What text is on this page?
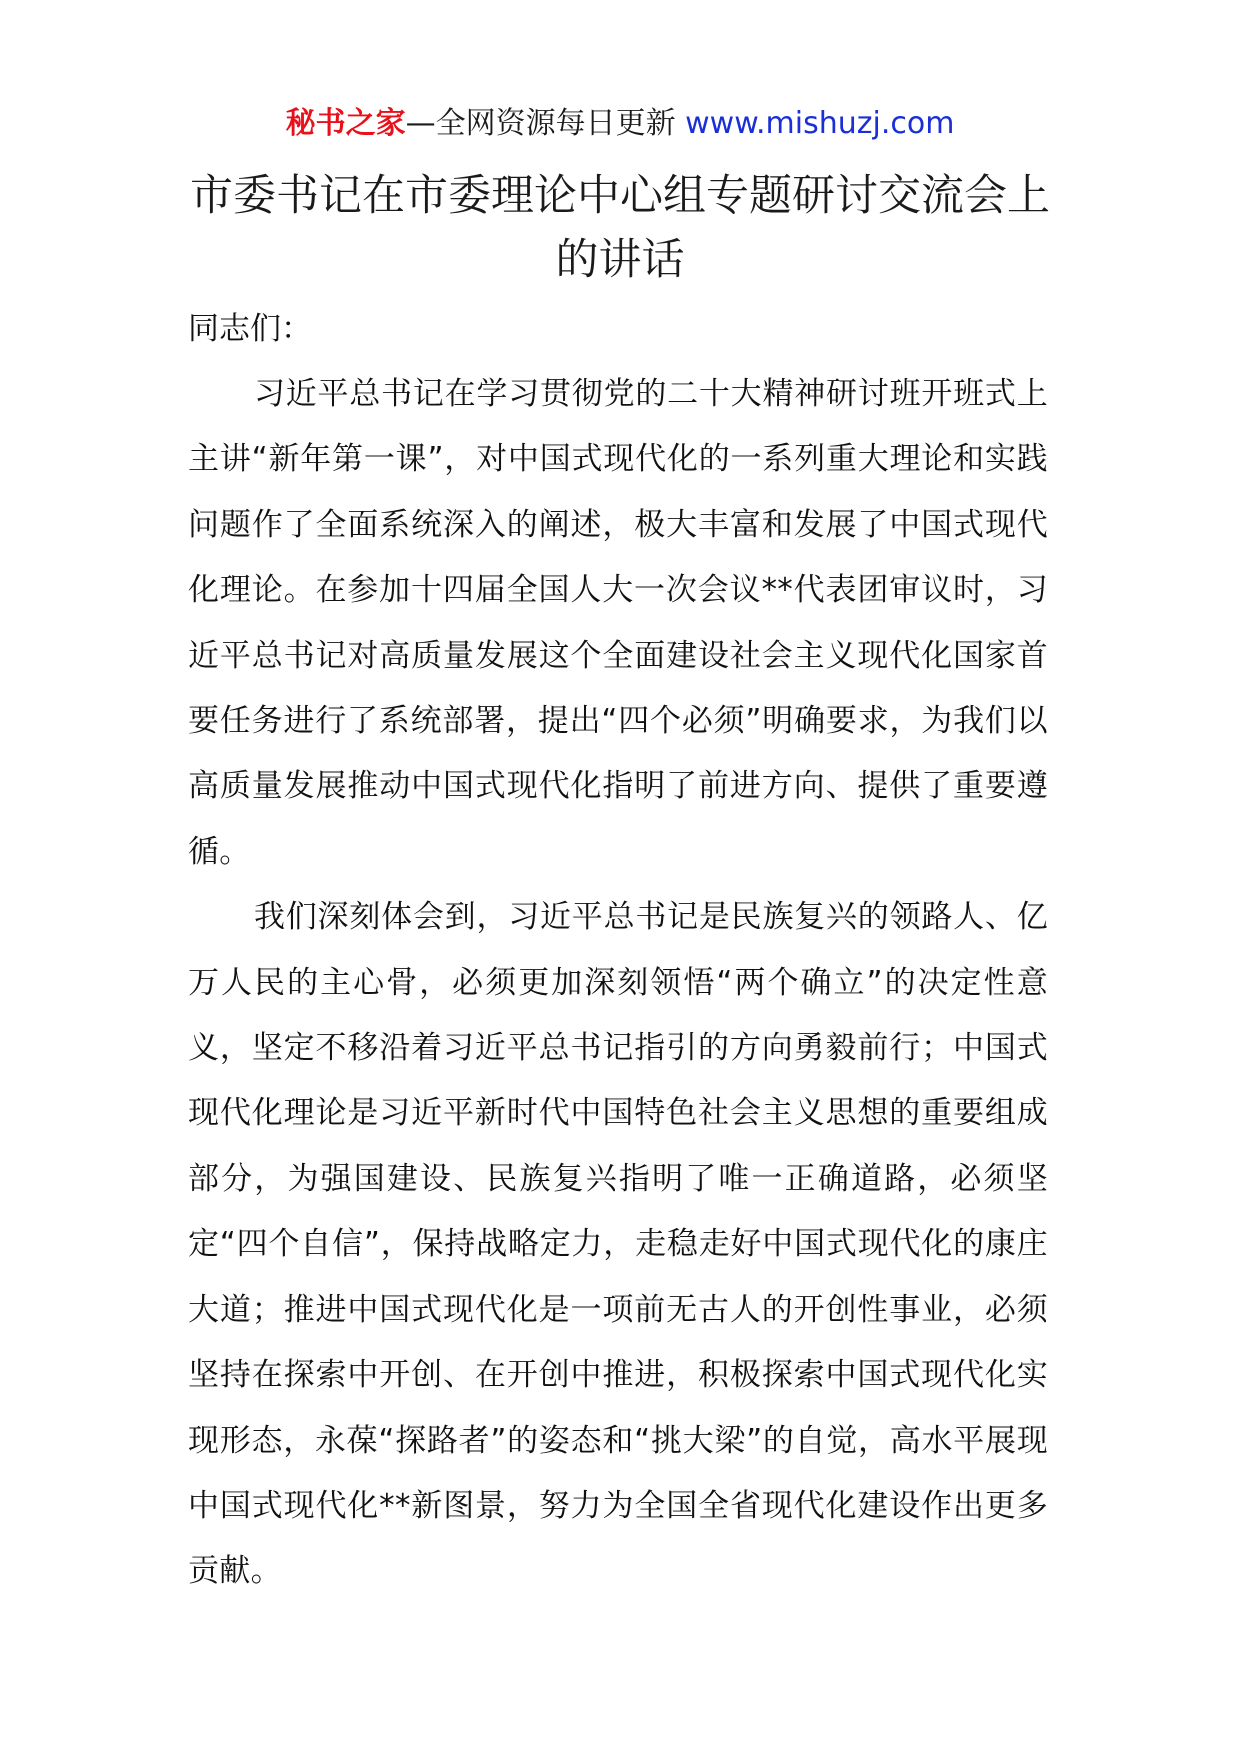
秘书之家—全网资源每日更新 www.mishuzj.com
市委书记在市委理论中心组专题研讨交流会上的讲话

同志们：

习近平总书记在学习贯彻党的二十大精神研讨班开班式上主讲“新年第一课”，对中国式现代化的一系列重大理论和实践问题作了全面系统深入的阐述，极大丰富和发展了中国式现代化理论。在参加十四届全国人大一次会议**代表团审议时，习近平总书记对高质量发展这个全面建设社会主义现代化国家首要任务进行了系统部署，提出“四个必须”明确要求，为我们以高质量发展推动中国式现代化指明了前进方向、提供了重要遵循。

我们深刻体会到，习近平总书记是民族复兴的领路人、亿万人民的主心骨，必须更加深刻领悟“两个确立”的决定性意义，坚定不移沿着习近平总书记指引的方向勇毅前行；中国式现代化理论是习近平新时代中国特色社会主义思想的重要组成部分，为强国建设、民族复兴指明了唯一正确道路，必须坚定“四个自信”，保持战略定力，走稳走好中国式现代化的康庄大道；推进中国式现代化是一项前无古人的开创性事业，必须坚持在探索中开创、在开创中推进，积极探索中国式现代化实现形态，永葆“探路者”的姿态和“挑大梁”的自觉，高水平展现中国式现代化**新图景，努力为全国全省现代化建设作出更多贡献。
